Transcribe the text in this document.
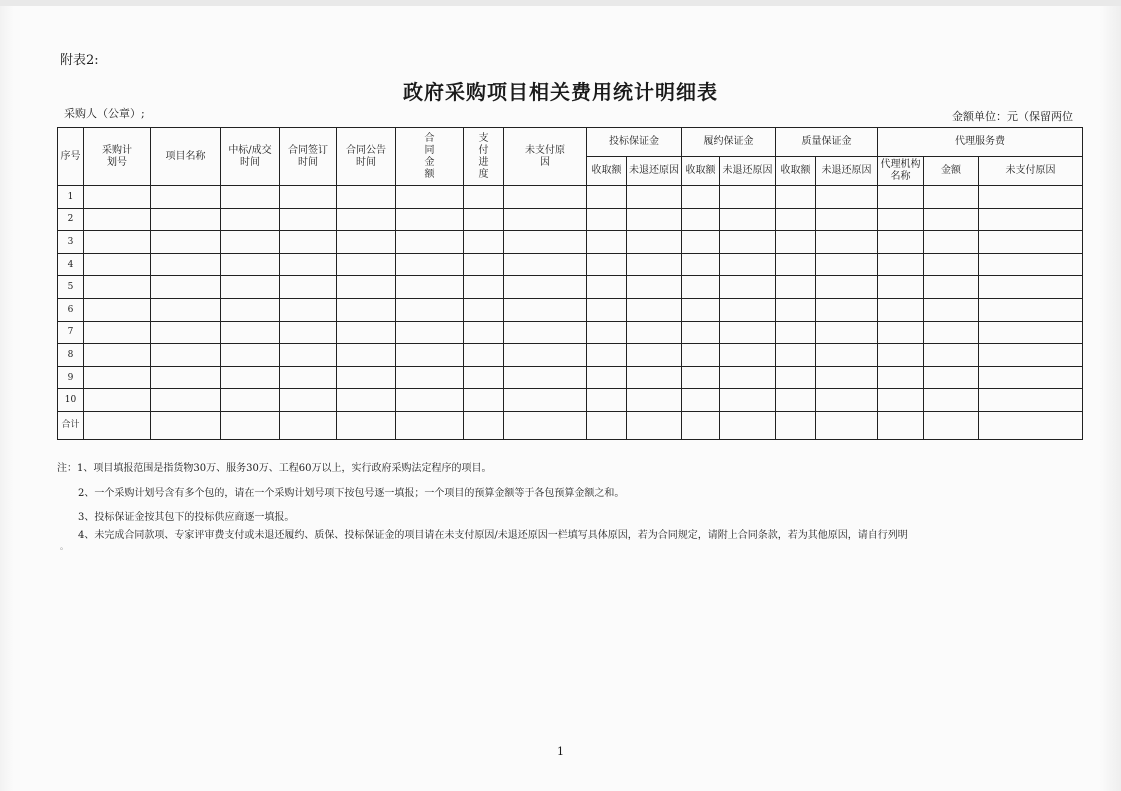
附表2:
政府采购项目相关费用统计明细表
采购人（公章）;	金额单位：元（保留两位
序号	采购计划号	项目名称	中标/成交时间	合同签订时间	合同公告时间	合同金额	支付进度	未支付原因	投标保证金		履约保证金		质量保证金		代理服务费		
									收取额	未退还原因	收取额	未退还原因	收取额	未退还原因	代理机构名称	金额	未支付原因
1																	
2																	
3																	
4																	
5																	
6																	
7																	
8																	
9																	
10																	
合计																	
注：1、项目填报范围是指货物30万、服务30万、工程60万以上，实行政府采购法定程序的项目。
2、一个采购计划号含有多个包的，请在一个采购计划号项下按包号逐一填报；一个项目的预算金额等于各包预算金额之和。
3、投标保证金按其包下的投标供应商逐一填报。
4、未完成合同款项、专家评审费支付或未退还履约、质保、投标保证金的项目请在未支付原因/未退还原因一栏填写具体原因，若为合同规定，请附上合同条款，若为其他原因，请自行列明
。
1
